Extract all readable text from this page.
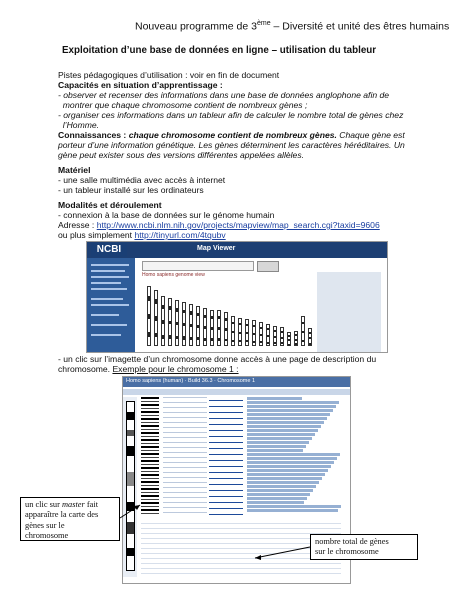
Nouveau programme de 3ème – Diversité et unité des êtres humains
Exploitation d’une base de données en ligne – utilisation du tableur
Pistes pédagogiques d’utilisation : voir en fin de document
Capacités en situation d’apprentissage :
- observer et recenser des informations dans une base de données anglophone afin de
montrer que chaque chromosome contient de nombreux gènes ;
- organiser ces informations dans un tableur afin de calculer le nombre total de gènes chez
l’Homme.
Connaissances : chaque chromosome contient de nombreux gènes. Chaque gène est
porteur d’une information génétique. Les gènes déterminent les caractères héréditaires. Un
gène peut exister sous des versions différentes appelées allèles.
Matériel
- une salle multimédia avec accès à internet
- un tableur installé sur les ordinateurs
Modalités et déroulement
- connexion à la base de données sur le génome humain
Adresse : http://www.ncbi.nlm.nih.gov/projects/mapview/map_search.cgi?taxid=9606
ou plus simplement http://tinyurl.com/4tqubv
NCBI	Map Viewer
Homo sapiens genome view
- un clic sur l’imagette d’un chromosome donne accès à une page de description du
chromosome. Exemple pour le chromosome 1 :
Homo sapiens (human) · Build 36.3 · Chromosome 1
un clic sur master fait
apparaître la carte des
gènes sur le
chromosome
nombre total de gènes
sur le chromosome
